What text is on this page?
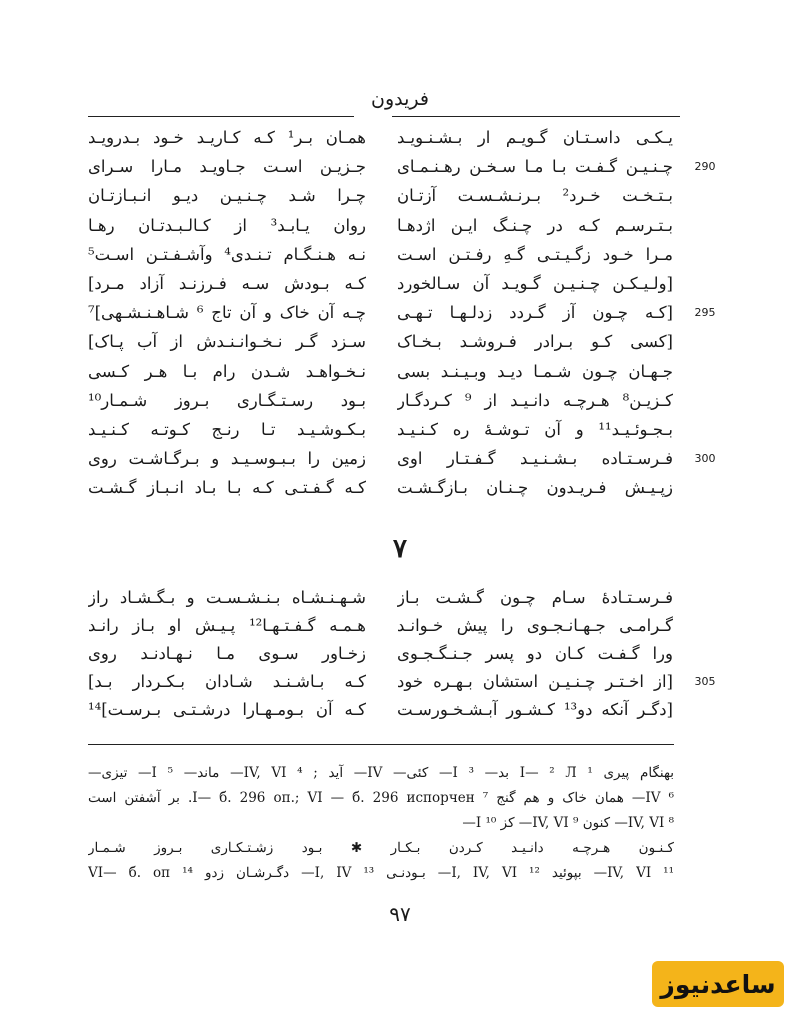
فریدون
یـکـی داسـتـان گـویـم ار بـشـنـویـد
همـان بـر¹ کـه کـاریـد خـود بـدرویـد
290
چـنـیـن گـفـت بـا مـا سـخـن رهـنـمـای
جـزیـن اسـت جـاویـد مـارا سـرای
بـتـخـت خـرد² بـرنـشـسـت آزتـان
چـرا شـد چـنـیـن دیـو انـبـازتـان
بـتـرسـم کـه در چـنـگ ایـن اژدهـا
روان یـابـد³ از کـالـبـدتـان رهـا
مـرا خـود زگـیـتـی گـهِ رفـتـن اسـت
نـه هـنـگـام تـنـدی⁴ وآشـفـتـن اسـت⁵
[ولـیـکـن چـنـیـن گـویـد آن سـالخورد
کـه بـودش سـه فـرزنـد آزاد مـرد]
295
[کـه چـون آز گـردد زدلـهـا تـهـی
چـه آن خاک و آن تاج ⁶ شـاهـنـشـهی]⁷
[کسی کـو بـرادر فـروشـد بـخـاک
سـزد گـر نـخـوانـنـدش از آب پـاک]
جـهـان چـون شـمـا دیـد وبـیـنـد بسی
نـخـواهـد شـدن رام بـا هـر کـسی
کـزیـن⁸ هـرچـه دانـیـد از ⁹ کـردگـار
بـود رسـتـگـاری بـروز شـمـار¹⁰
بـجـوئـیـد¹¹ و آن تـوشـهٔ ره کـنـیـد
بـکـوشـیـد تـا رنـج کـوتـه کـنـیـد
300
فـرسـتـاده بـشـنـیـد گـفـتـار اوی
زمین را بـبـوسـیـد و بـرگـاشـت روی
زپـیـش فـریـدون چـنـان بـازگـشـت
کـه گـفـتـی کـه بـا بـاد انـبـاز گـشـت
۷
فـرسـتـادهٔ سـام چـون گـشـت بـاز
شـهـنـشـاه بـنـشـسـت و بـگـشـاد راز
گـرامـی جـهـانـجـوی را پیش خـوانـد
هـمـه گـفـتـهـا¹² پـیـش او بـاز رانـد
ورا گـفـت کـان دو پسر جـنـگـجـوی
زخـاور سـوی مـا نـهـادنـد روی
305
[از اخـتـر چـنـیـن استشان بـهـره خود
کـه بـاشـنـد شـادان بـکـردار بـد]
[دگـر آنکه دو¹³ کـشـور آبـشـخـورسـت
کـه آن بـومـهـارا درشـتـی بـرسـت]¹⁴
بهنگام پیری ¹ I— ² Л بد— ³ I— کئی— IV— آید ; ⁴ IV, VI— ماند— ⁵ I— تیزی—
⁶ IV— همان خاک و هم گنج ⁷ I— б. 296 оп.; VI — б. 296 испорчен. بر آشفتن است
⁸ IV, VI— کنون ⁹ IV, VI— کز ¹⁰ I—
کـنـون هـرچـه دانـیـد کـردن بـکـار ✱ بـود زشـتـکـاری بـروز شـمـار
¹¹ IV, VI— بپوئید ¹² I, IV, VI— بـودنـی ¹³ I, IV— دگـرشـان زدو ¹⁴ VI— б. оп
۹۷
ساعدنیوز
